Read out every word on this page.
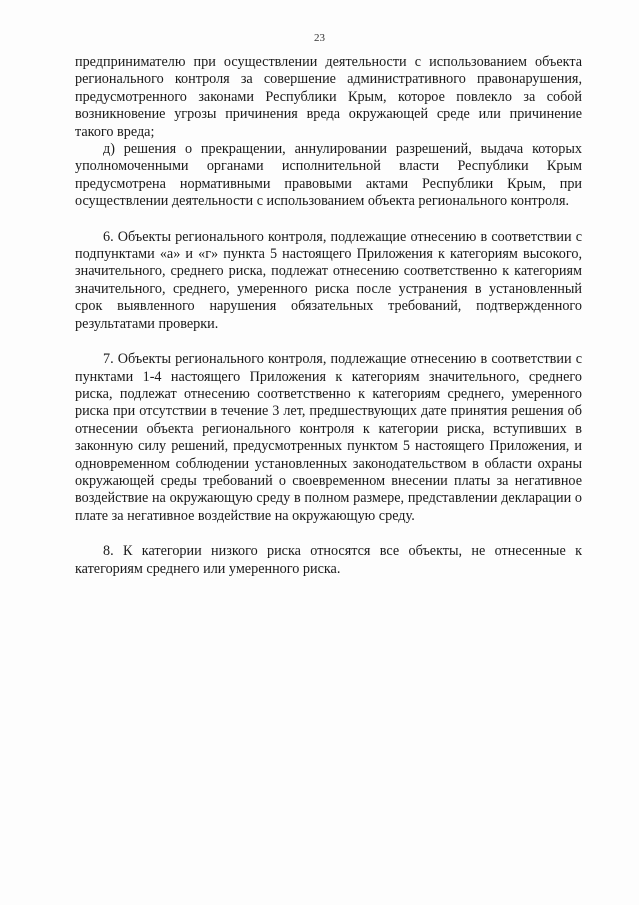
23

предпринимателю при осуществлении деятельности с использованием объекта регионального контроля за совершение административного правонарушения, предусмотренного законами Республики Крым, которое повлекло за собой возникновение угрозы причинения вреда окружающей среде или причинение такого вреда;

д) решения о прекращении, аннулировании разрешений, выдача которых уполномоченными органами исполнительной власти Республики Крым предусмотрена нормативными правовыми актами Республики Крым, при осуществлении деятельности с использованием объекта регионального контроля.

6. Объекты регионального контроля, подлежащие отнесению в соответствии с подпунктами «а» и «г» пункта 5 настоящего Приложения к категориям высокого, значительного, среднего риска, подлежат отнесению соответственно к категориям значительного, среднего, умеренного риска после устранения в установленный срок выявленного нарушения обязательных требований, подтвержденного результатами проверки.

7. Объекты регионального контроля, подлежащие отнесению в соответствии с пунктами 1-4 настоящего Приложения к категориям значительного, среднего риска, подлежат отнесению соответственно к категориям среднего, умеренного риска при отсутствии в течение 3 лет, предшествующих дате принятия решения об отнесении объекта регионального контроля к категории риска, вступивших в законную силу решений, предусмотренных пунктом 5 настоящего Приложения, и одновременном соблюдении установленных законодательством в области охраны окружающей среды требований о своевременном внесении платы за негативное воздействие на окружающую среду в полном размере, представлении декларации о плате за негативное воздействие на окружающую среду.

8. К категории низкого риска относятся все объекты, не отнесенные к категориям среднего или умеренного риска.
